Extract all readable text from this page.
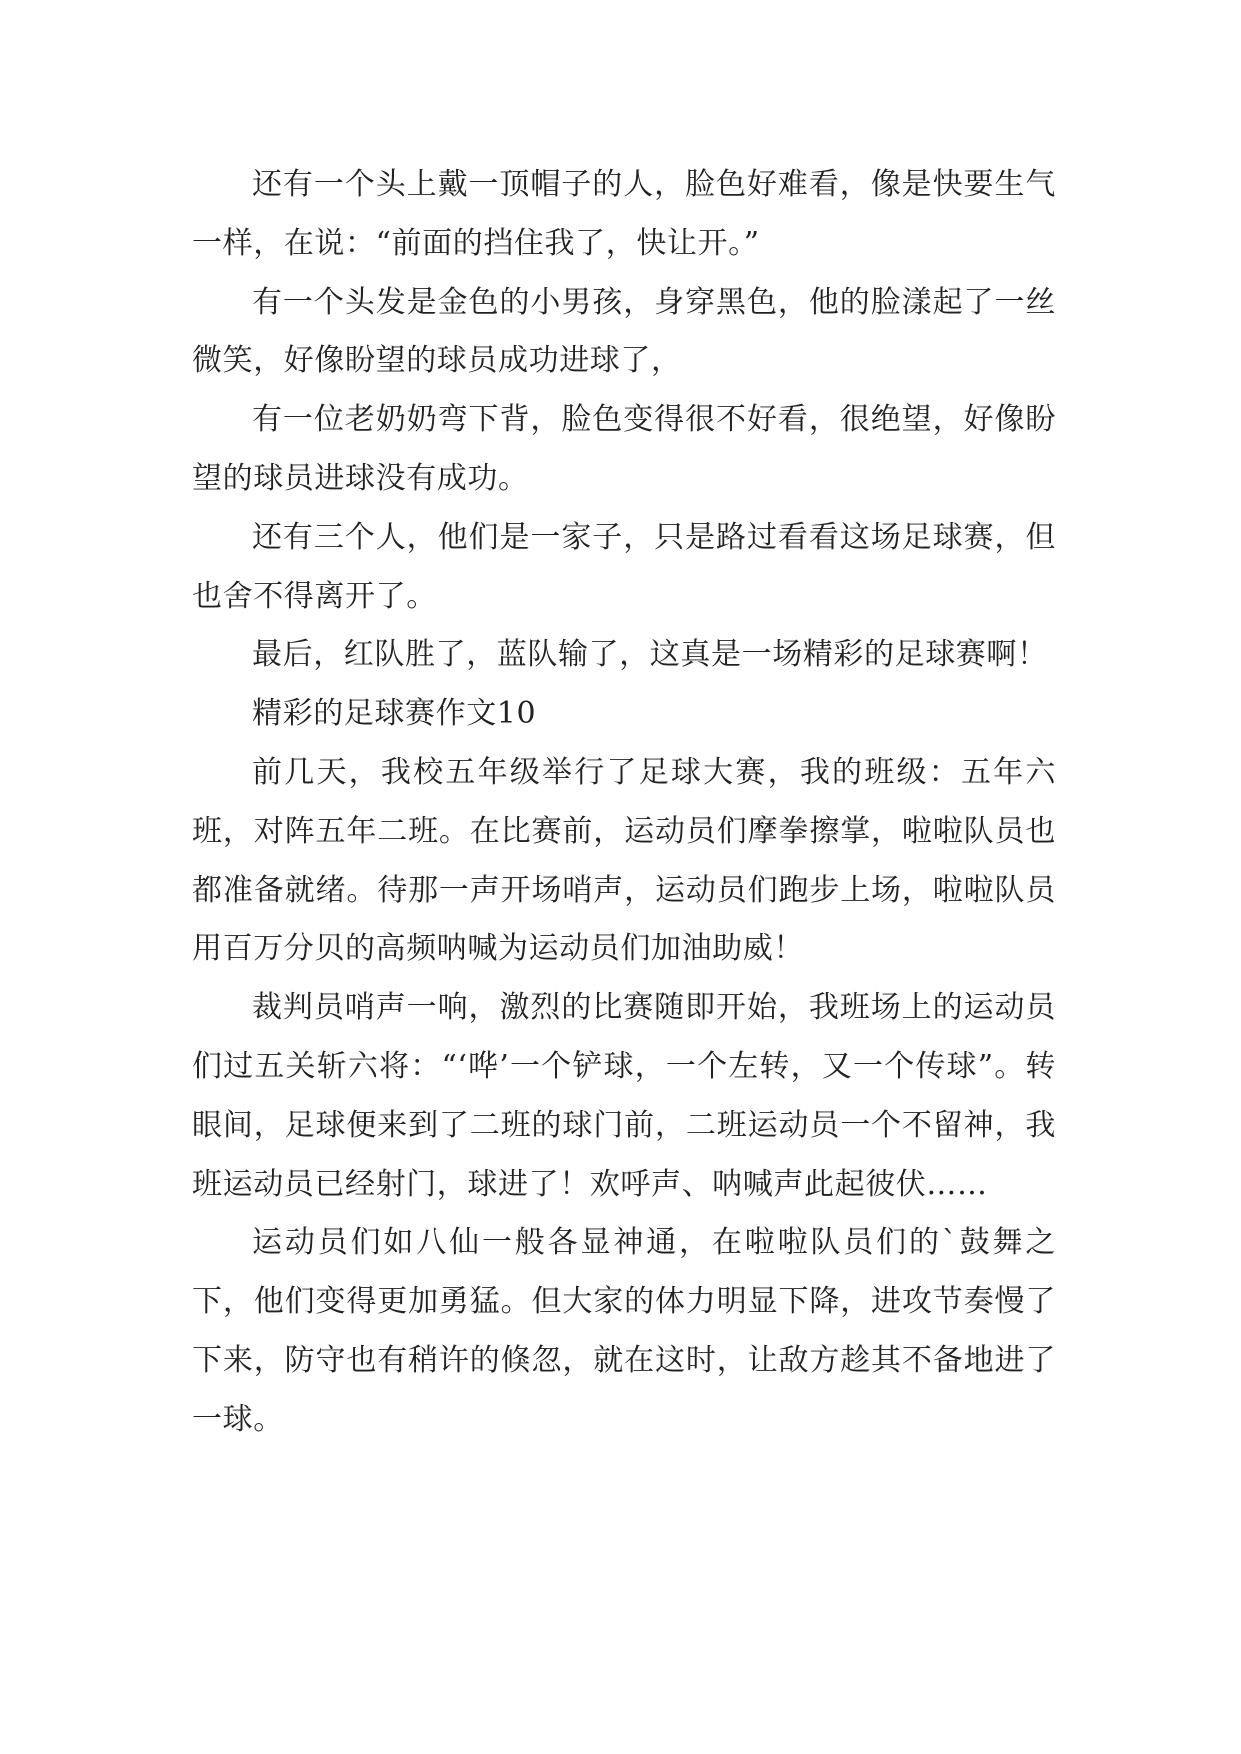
还有一个头上戴一顶帽子的人，脸色好难看，像是快要生气一样，在说：“前面的挡住我了，快让开。”

有一个头发是金色的小男孩，身穿黑色，他的脸漾起了一丝微笑，好像盼望的球员成功进球了，

有一位老奶奶弯下背，脸色变得很不好看，很绝望，好像盼望的球员进球没有成功。

还有三个人，他们是一家子，只是路过看看这场足球赛，但也舍不得离开了。

最后，红队胜了，蓝队输了，这真是一场精彩的足球赛啊！

精彩的足球赛作文10

前几天，我校五年级举行了足球大赛，我的班级：五年六班，对阵五年二班。在比赛前，运动员们摩拳擦掌，啦啦队员也都准备就绪。待那一声开场哨声，运动员们跑步上场，啦啦队员用百万分贝的高频呐喊为运动员们加油助威！

裁判员哨声一响，激烈的比赛随即开始，我班场上的运动员们过五关斩六将：“‘哗’一个铲球，一个左转，又一个传球”。转眼间，足球便来到了二班的球门前，二班运动员一个不留神，我班运动员已经射门，球进了！欢呼声、呐喊声此起彼伏……

运动员们如八仙一般各显神通，在啦啦队员们的`鼓舞之下，他们变得更加勇猛。但大家的体力明显下降，进攻节奏慢了下来，防守也有稍许的倏忽，就在这时，让敌方趁其不备地进了一球。
